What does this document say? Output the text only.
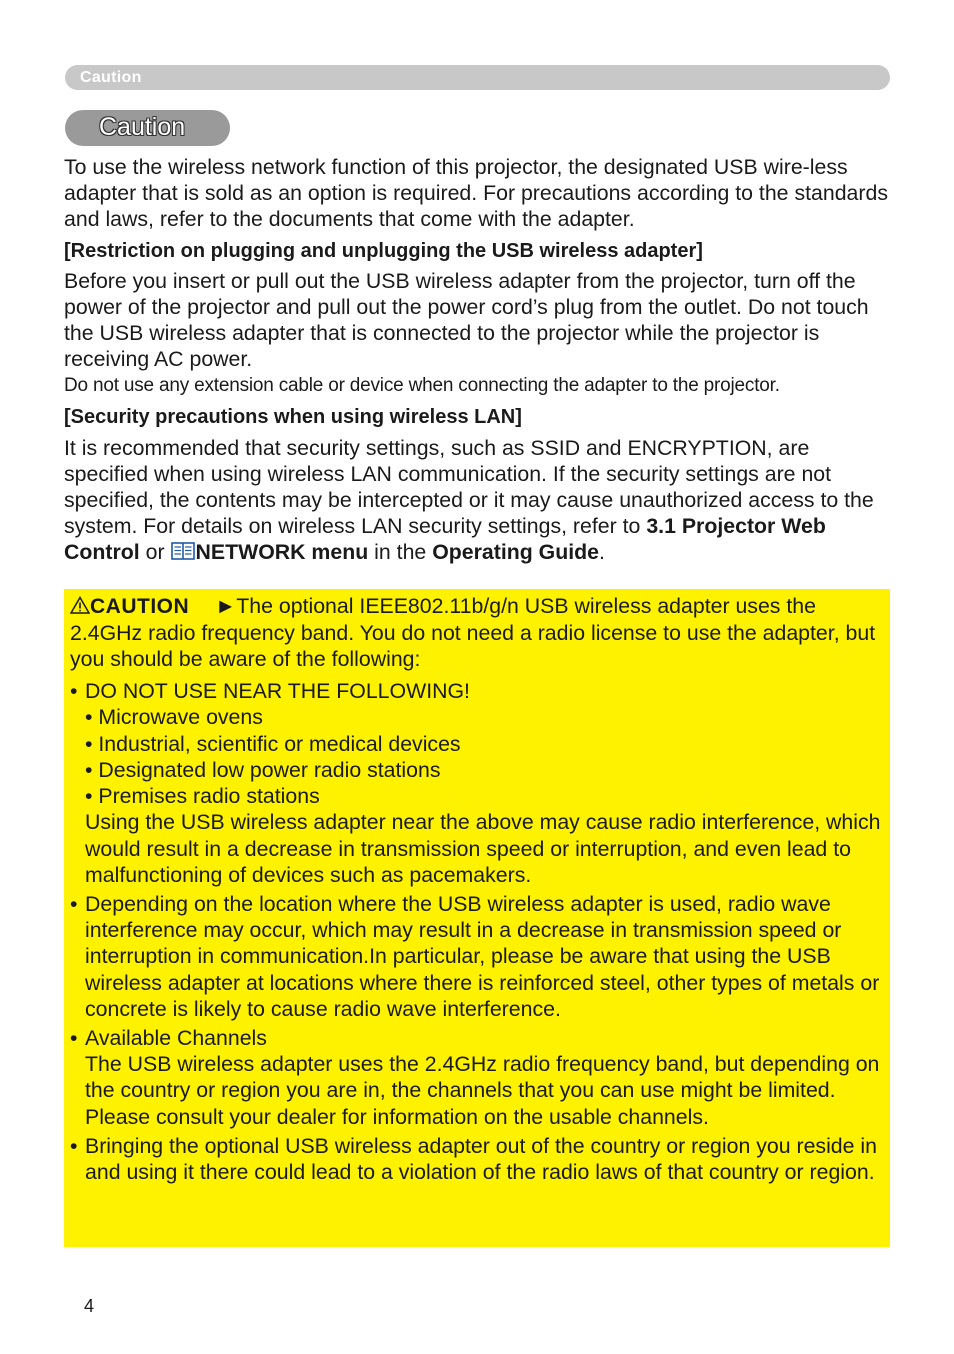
Caution
Caution

To use the wireless network function of this projector, the designated USB wire-less adapter that is sold as an option is required. For precautions according to the standards and laws, refer to the documents that come with the adapter.

[Restriction on plugging and unplugging the USB wireless adapter]

Before you insert or pull out the USB wireless adapter from the projector, turn off the power of the projector and pull out the power cord’s plug from the outlet. Do not touch the USB wireless adapter that is connected to the projector while the projector is receiving AC power.

Do not use any extension cable or device when connecting the adapter to the projector.

[Security precautions when using wireless LAN]

It is recommended that security settings, such as SSID and ENCRYPTION, are specified when using wireless LAN communication. If the security settings are not specified, the contents may be intercepted or it may cause unauthorized access to the system. For details on wireless LAN security settings, refer to 3.1 Projector Web Control or NETWORK menu in the Operating Guide.

CAUTION ►The optional IEEE802.11b/g/n USB wireless adapter uses the 2.4GHz radio frequency band. You do not need a radio license to use the adapter, but you should be aware of the following:

• DO NOT USE NEAR THE FOLLOWING!
• Microwave ovens
• Industrial, scientific or medical devices
• Designated low power radio stations
• Premises radio stations
Using the USB wireless adapter near the above may cause radio interference, which would result in a decrease in transmission speed or interruption, and even lead to malfunctioning of devices such as pacemakers.
• Depending on the location where the USB wireless adapter is used, radio wave interference may occur, which may result in a decrease in transmission speed or interruption in communication.In particular, please be aware that using the USB wireless adapter at locations where there is reinforced steel, other types of metals or concrete is likely to cause radio wave interference.
• Available Channels
The USB wireless adapter uses the 2.4GHz radio frequency band, but depending on the country or region you are in, the channels that you can use might be limited. Please consult your dealer for information on the usable channels.
• Bringing the optional USB wireless adapter out of the country or region you reside in and using it there could lead to a violation of the radio laws of that country or region.
4
